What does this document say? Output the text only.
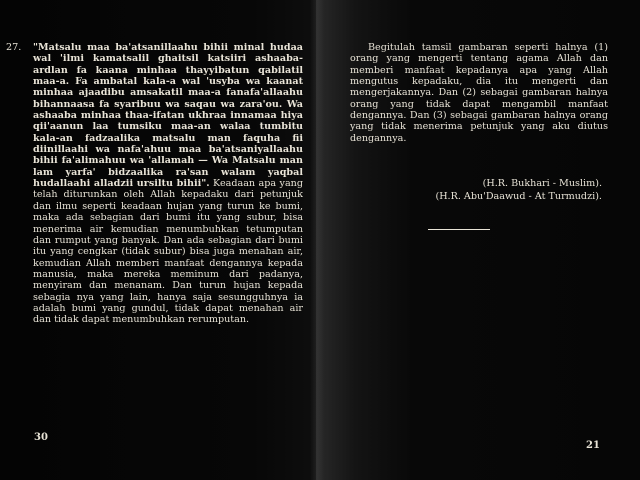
27. "Matsalu maa ba'atsanillaahu bihii minal hudaa wal 'ilmi kamatsalil ghaitsil katsiiri ashaaba-ardlan fa kaana minhaa thayyibatun qabilatil maa-a. Fa ambatal kala-a wal 'usyba wa kaanat minhaa ajaadibu amsakatil maa-a fanafa'allaahu bihannaasa fa syaribuu wa saqau wa zara'ou. Wa ashaaba minhaa thaa-ifatan ukhraa innamaa hiya qii'aanun laa tumsiku maa-an walaa tumbitu kala-an fadzaalika matsalu man faquha fii diinillaahi wa nafa'ahuu maa ba'atsaniyallaahu bihii fa'alimahuu wa 'allamah — Wa Matsalu man lam yarfa' bidzaalika ra'san walam yaqbal hudallaahi alladzii ursiltu bihii". Keadaan apa yang telah diturunkan oleh Allah kepadaku dari petunjuk dan ilmu seperti keadaan hujan yang turun ke bumi, maka ada sebagian dari bumi itu yang subur, bisa menerima air kemudian menumbuhkan tetumputan dan rumput yang banyak. Dan ada sebagian dari bumi itu yang cengkar (tidak subur) bisa juga menahan air, kemudian Allah memberi manfaat dengannya kepada manusia, maka mereka meminum dari padanya, menyiram dan menanam. Dan turun hujan kepada sebagia nya yang lain, hanya saja sesungguhnya ia adalah bumi yang gundul, tidak dapat menahan air dan tidak dapat menumbuhkan rerumputan.
30

Begitulah tamsil gambaran seperti halnya (1) orang yang mengerti tentang agama Allah dan memberi manfaat kepadanya apa yang Allah mengutus kepadaku, dia itu mengerti dan mengerjakannya. Dan (2) sebagai gambaran halnya orang yang tidak dapat mengambil manfaat dengannya. Dan (3) sebagai gambaran halnya orang yang tidak menerima petunjuk yang aku diutus dengannya.

(H.R. Bukhari - Muslim).
(H.R. Abu'Daawud - At Turmudzi).
21
